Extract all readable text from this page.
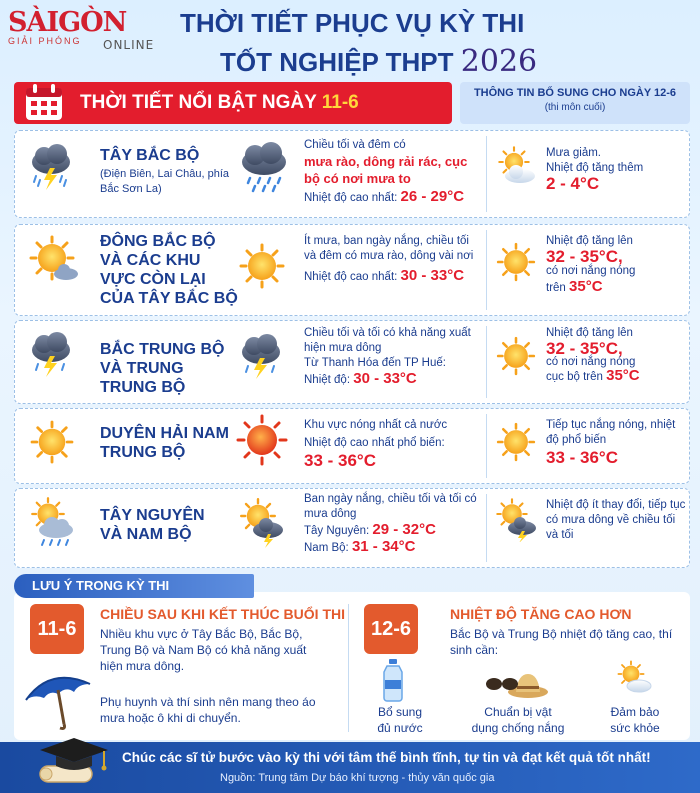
SÀIGÒN
GIẢI PHÓNG	ONLINE
THỜI TIẾT PHỤC VỤ KỲ THI
TỐT NGHIỆP THPT 2026
THỜI TIẾT NỔI BẬT NGÀY 11-6	THÔNG TIN BỔ SUNG CHO NGÀY 12-6
(thi môn cuối)
TÂY BẮC BỘ
(Điện Biên, Lai Châu, phía Bắc Sơn La)
Chiều tối và đêm có
mưa rào, dông rải rác, cục bộ có nơi mưa to
Nhiệt độ cao nhất: 26 - 29°C
Mưa giảm.
Nhiệt độ tăng thêm
2 - 4°C
ĐÔNG BẮC BỘ VÀ CÁC KHU VỰC CÒN LẠI CỦA TÂY BẮC BỘ
Ít mưa, ban ngày nắng, chiều tối và đêm có mưa rào, dông vài nơi
Nhiệt độ cao nhất: 30 - 33°C
Nhiệt độ tăng lên
32 - 35°C,
có nơi nắng nóng trên 35°C
BẮC TRUNG BỘ VÀ TRUNG TRUNG BỘ
Chiều tối và tối có khả năng xuất hiện mưa dông
Từ Thanh Hóa đến TP Huế:
Nhiệt độ: 30 - 33°C
Nhiệt độ tăng lên
32 - 35°C,
có nơi nắng nóng cục bộ trên 35°C
DUYÊN HẢI NAM TRUNG BỘ
Khu vực nóng nhất cả nước
Nhiệt độ cao nhất phổ biến:
33 - 36°C
Tiếp tục nắng nóng, nhiệt độ phổ biến
33 - 36°C
TÂY NGUYÊN VÀ NAM BỘ
Ban ngày nắng, chiều tối và tối có mưa dông
Tây Nguyên: 29 - 32°C
Nam Bộ: 31 - 34°C
Nhiệt độ ít thay đổi, tiếp tục có mưa dông về chiều tối và tối
LƯU Ý TRONG KỲ THI
11-6
CHIỀU SAU KHI KẾT THÚC BUỔI THI
Nhiều khu vực ở Tây Bắc Bộ, Bắc Bộ, Trung Bộ và Nam Bộ có khả năng xuất hiện mưa dông.
Phụ huynh và thí sinh nên mang theo áo mưa hoặc ô khi di chuyển.
12-6
NHIỆT ĐỘ TĂNG CAO HƠN
Bắc Bộ và Trung Bộ nhiệt độ tăng cao, thí sinh cần:
Bổ sung đủ nước
Chuẩn bị vật dụng chống nắng
Đảm bảo sức khỏe
Chúc các sĩ tử bước vào kỳ thi với tâm thế bình tĩnh, tự tin và đạt kết quả tốt nhất!
Nguồn: Trung tâm Dự báo khí tượng - thủy văn quốc gia
